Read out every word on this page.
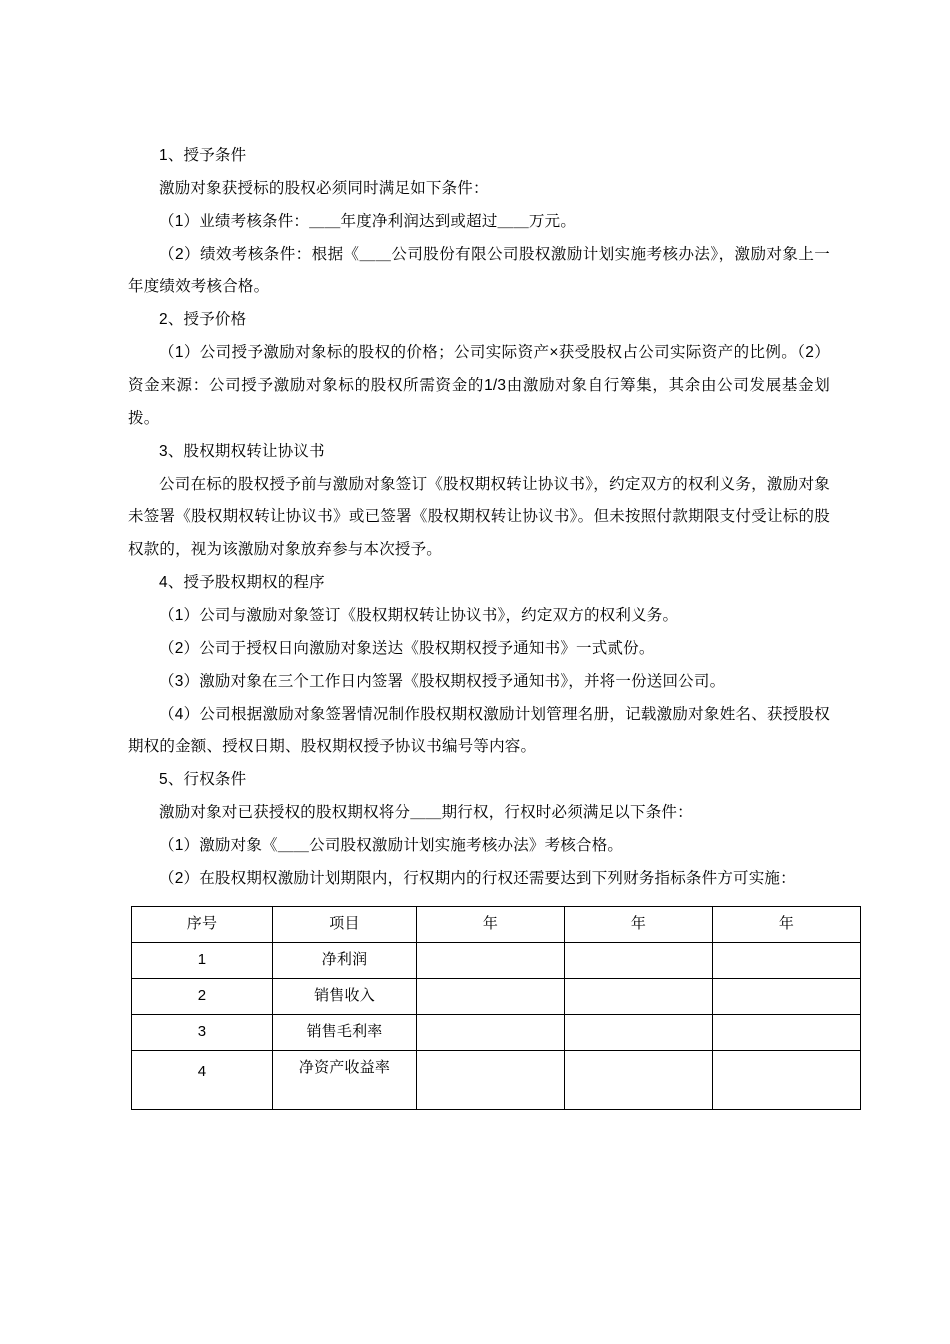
1、授予条件

激励对象获授标的股权必须同时满足如下条件：

（1）业绩考核条件：＿＿年度净利润达到或超过＿＿万元。

（2）绩效考核条件：根据《＿＿公司股份有限公司股权激励计划实施考核办法》，激励对象上一年度绩效考核合格。

2、授予价格

（1）公司授予激励对象标的股权的价格；公司实际资产×获受股权占公司实际资产的比例。（2）资金来源：公司授予激励对象标的股权所需资金的1/3由激励对象自行筹集，其余由公司发展基金划拨。

3、股权期权转让协议书

公司在标的股权授予前与激励对象签订《股权期权转让协议书》，约定双方的权利义务，激励对象未签署《股权期权转让协议书》或已签署《股权期权转让协议书》。但未按照付款期限支付受让标的股权款的，视为该激励对象放弃参与本次授予。

4、授予股权期权的程序

（1）公司与激励对象签订《股权期权转让协议书》，约定双方的权利义务。

（2）公司于授权日向激励对象送达《股权期权授予通知书》一式贰份。

（3）激励对象在三个工作日内签署《股权期权授予通知书》，并将一份送回公司。

（4）公司根据激励对象签署情况制作股权期权激励计划管理名册，记载激励对象姓名、获授股权期权的金额、授权日期、股权期权授予协议书编号等内容。

5、行权条件

激励对象对已获授权的股权期权将分＿＿期行权，行权时必须满足以下条件：

（1）激励对象《＿＿公司股权激励计划实施考核办法》考核合格。

（2）在股权期权激励计划期限内，行权期内的行权还需要达到下列财务指标条件方可实施：

序号	项目	年	年	年
1	净利润			
2	销售收入			
3	销售毛利率			
4	净资产收益率			
